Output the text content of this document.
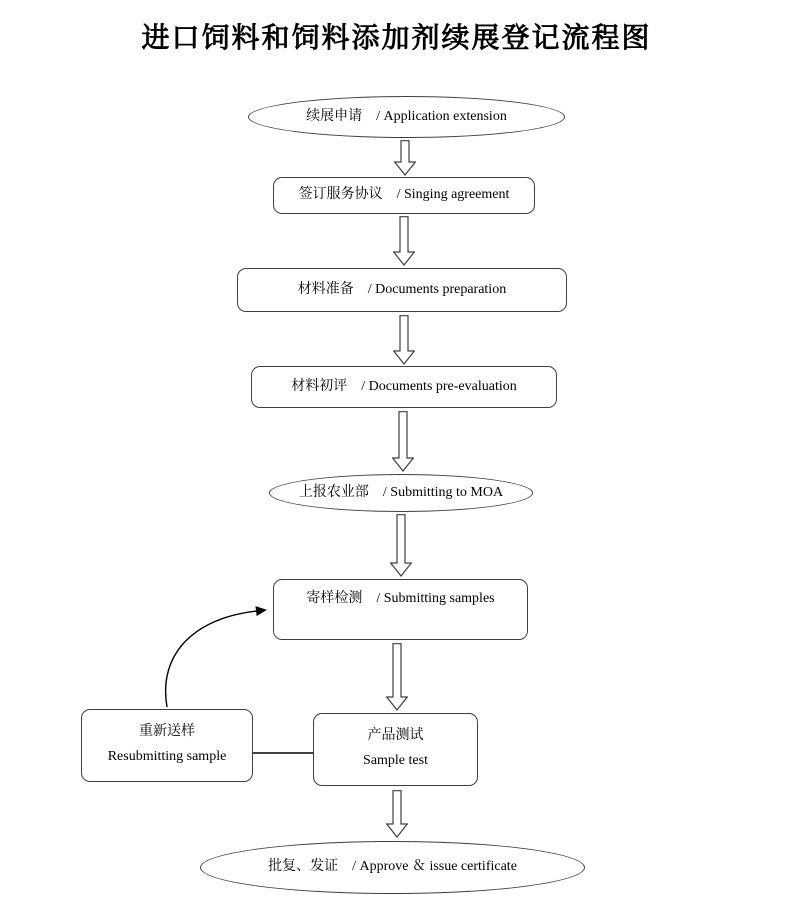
进口饲料和饲料添加剂续展登记流程图
续展申请　/ Application extension
签订服务协议　/ Singing agreement
材料准备　/ Documents preparation
材料初评　/ Documents pre-evaluation
上报农业部　/ Submitting to MOA
寄样检测　/ Submitting samples
产品测试
Sample test
重新送样
Resubmitting sample
批复、发证　/ Approve ＆ issue certificate
